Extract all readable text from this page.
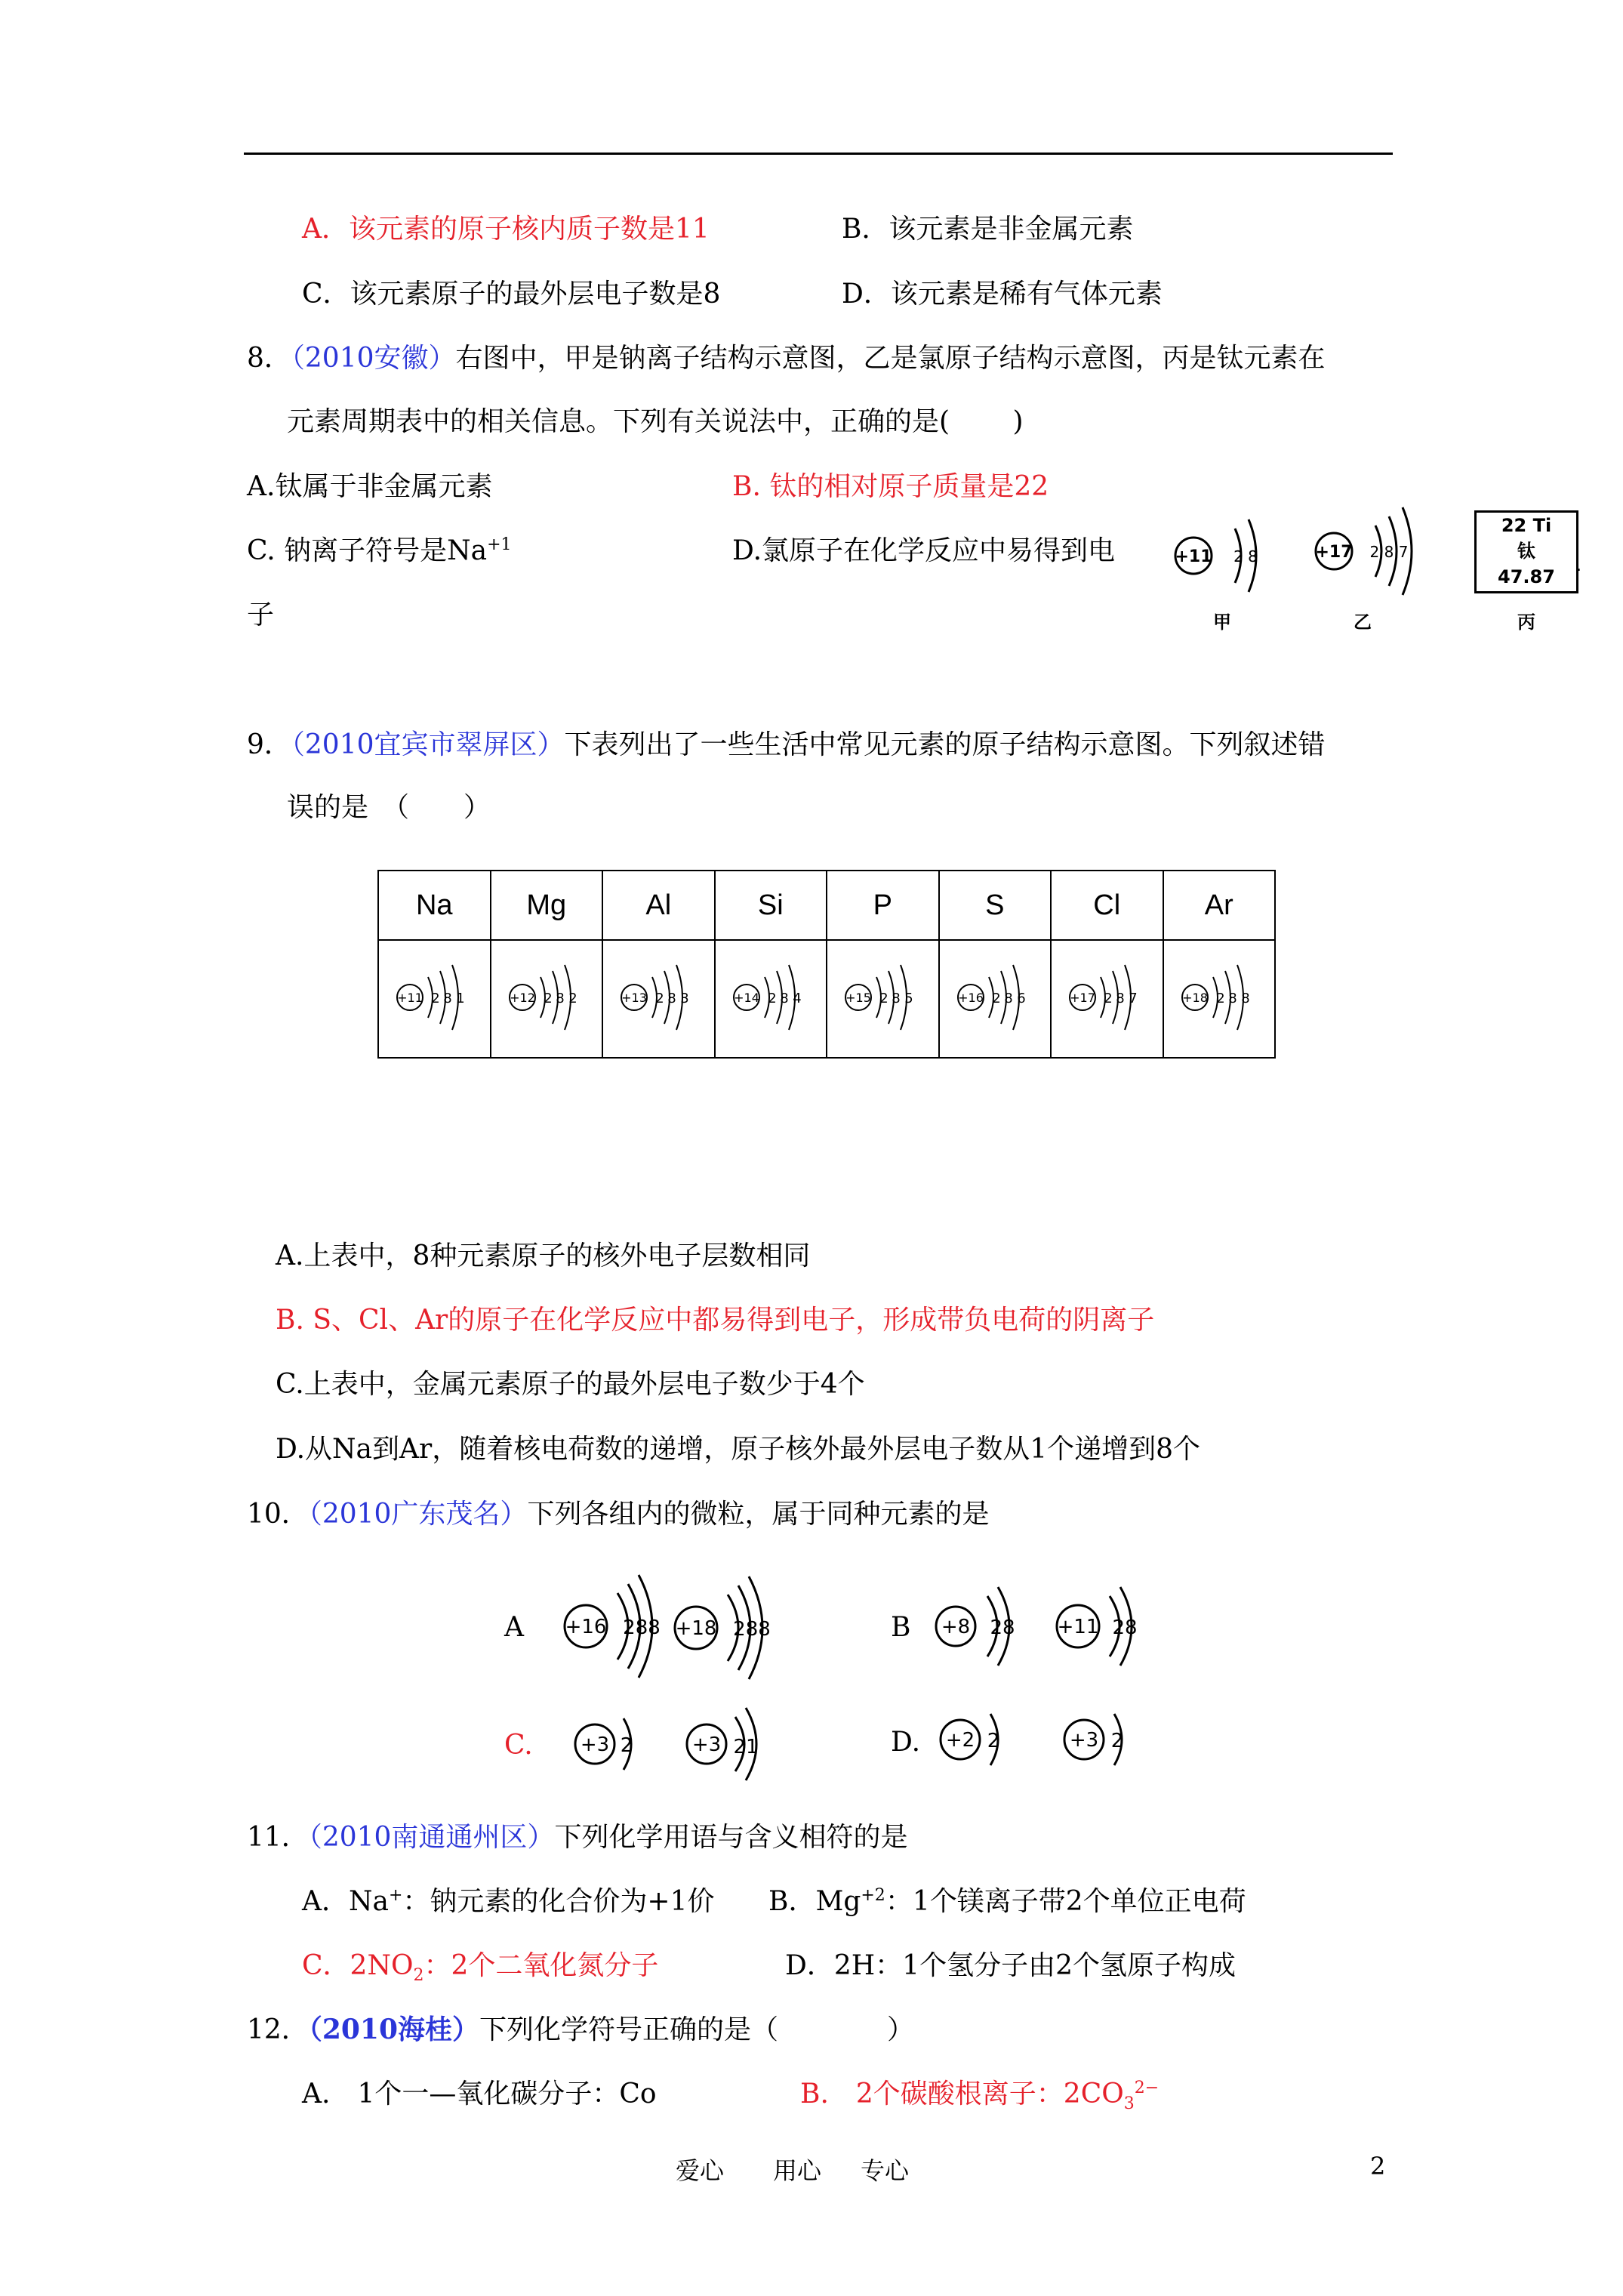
A．该元素的原子核内质子数是11	B．该元素是非金属元素
C．该元素原子的最外层电子数是8	D．该元素是稀有气体元素
8．（2010安徽）右图中，甲是钠离子结构示意图，乙是氯原子结构示意图，丙是钛元素在
元素周期表中的相关信息。下列有关说法中，正确的是(　　 )
A.钛属于非金属元素	B. 钛的相对原子质量是22
C. 钠离子符号是$Na^{+1}$	D.氯原子在化学反应中易得到电
子
+11 2 8	+17 2 8 7
甲	乙	丙
.
22 Ti
钛
47.87
9．（2010宜宾市翠屏区）下表列出了一些生活中常见元素的原子结构示意图。下列叙述错
误的是　（　　）
Na	Mg	Al	Si	P	S	Cl	Ar

+11 2 8 1	+12 2 8 2	+13 2 8 3	+14 2 8 4	+15 2 8 5	+16 2 8 6	+17 2 8 7	+18 2 8 8
A.上表中，8种元素原子的核外电子层数相同
B. S、Cl、Ar的原子在化学反应中都易得到电子，形成带负电荷的阴离子
C.上表中，金属元素原子的最外层电子数少于4个
D.从Na到Ar，随着核电荷数的递增，原子核外最外层电子数从1个递增到8个
10．（2010广东茂名）下列各组内的微粒，属于同种元素的是
A	B
C.	D.
+16 288 +18 288	+8 28 +11 28
+3 2	+3 21	+2 2	+3 2
11．（2010南通通州区）下列化学用语与含义相符的是
A．Na+：钠元素的化合价为+1价 B．$Mg^{+2}$：1个镁离子带2个单位正电荷
C．$2NO_2$：2个二氧化氮分子	D．2H：1个氢分子由2个氢原子构成
12．（2010海桂）下列化学符号正确的是（　　　　）
A.　1个一—氧化碳分子：Co	B.　2个碳酸根离子：$2CO_3^{2-}$
爱心 用心 专心	2
